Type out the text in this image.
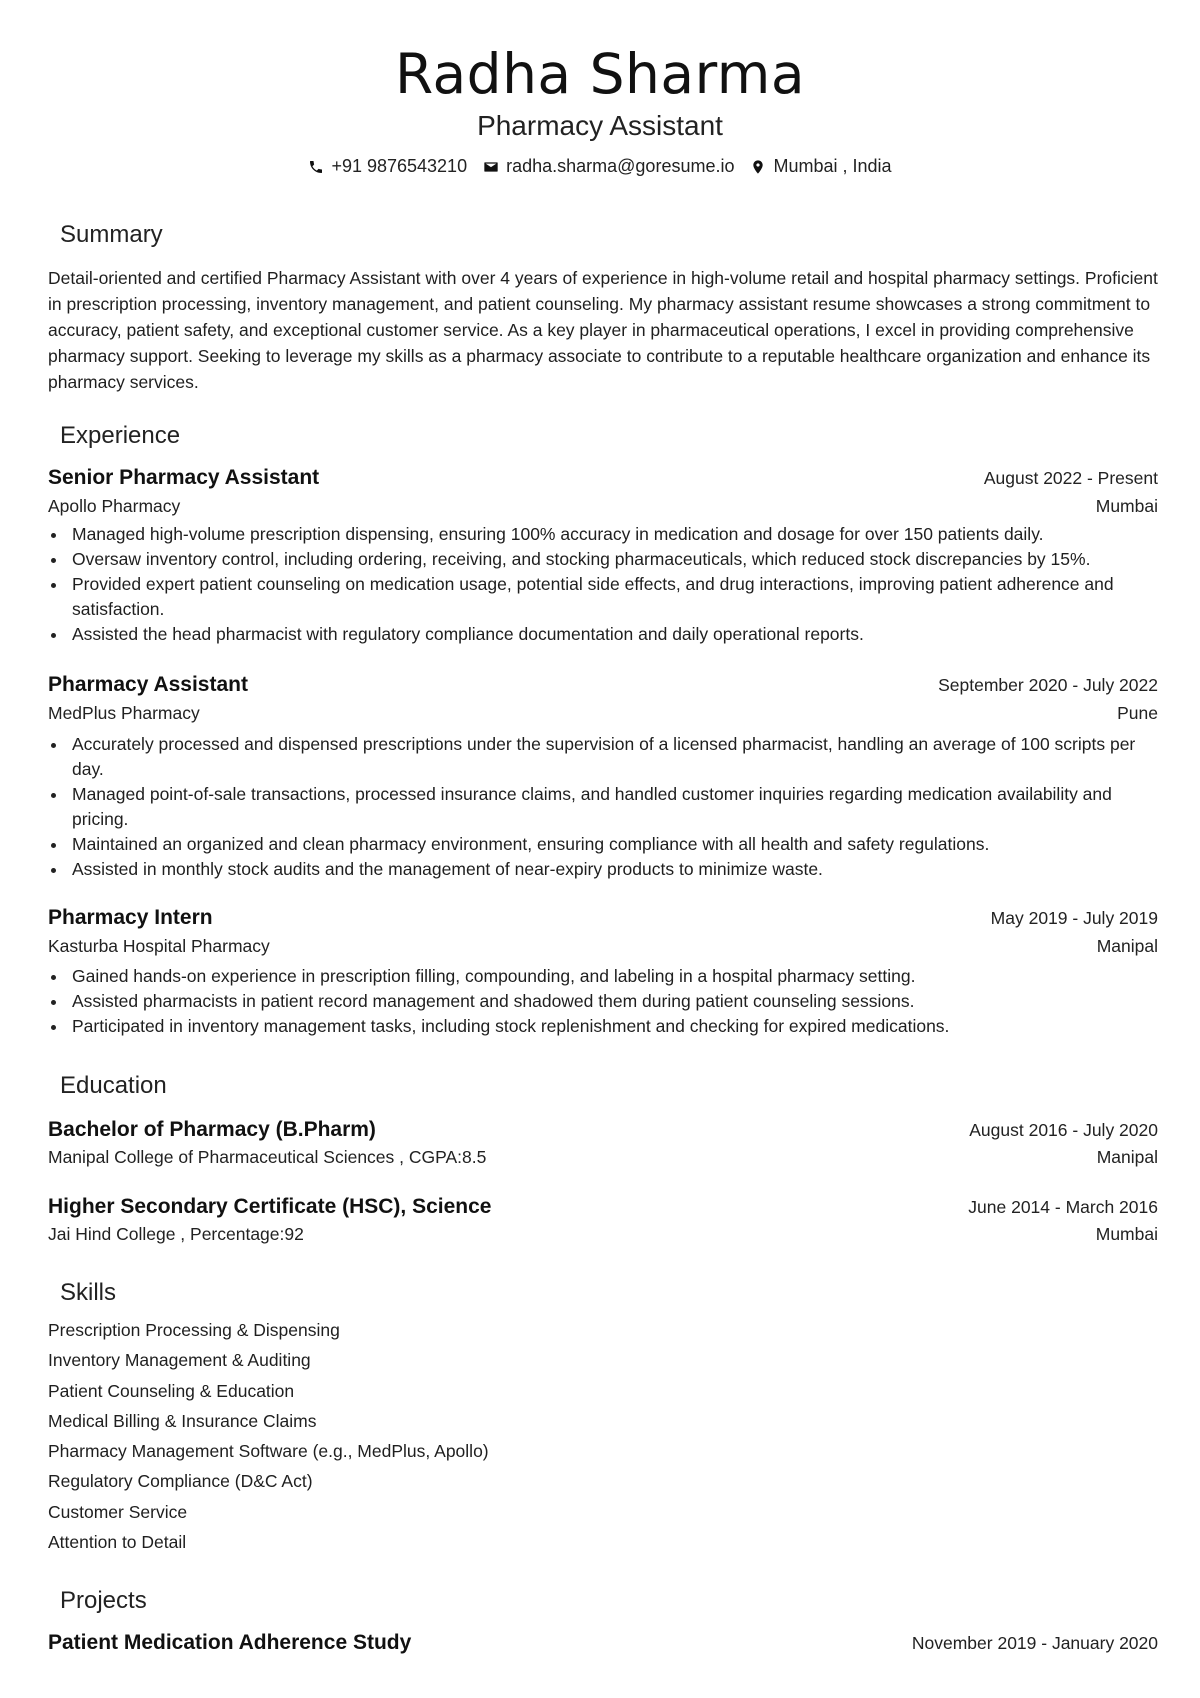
Radha Sharma
Pharmacy Assistant
+91 9876543210 radha.sharma@goresume.io Mumbai , India
Summary
Detail-oriented and certified Pharmacy Assistant with over 4 years of experience in high-volume retail and hospital pharmacy settings. Proficient in prescription processing, inventory management, and patient counseling. My pharmacy assistant resume showcases a strong commitment to accuracy, patient safety, and exceptional customer service. As a key player in pharmaceutical operations, I excel in providing comprehensive pharmacy support. Seeking to leverage my skills as a pharmacy associate to contribute to a reputable healthcare organization and enhance its pharmacy services.
Experience
Senior Pharmacy Assistant	August 2022 - Present
Apollo Pharmacy	Mumbai
Managed high-volume prescription dispensing, ensuring 100% accuracy in medication and dosage for over 150 patients daily.
Oversaw inventory control, including ordering, receiving, and stocking pharmaceuticals, which reduced stock discrepancies by 15%.
Provided expert patient counseling on medication usage, potential side effects, and drug interactions, improving patient adherence and satisfaction.
Assisted the head pharmacist with regulatory compliance documentation and daily operational reports.
Pharmacy Assistant	September 2020 - July 2022
MedPlus Pharmacy	Pune
Accurately processed and dispensed prescriptions under the supervision of a licensed pharmacist, handling an average of 100 scripts per day.
Managed point-of-sale transactions, processed insurance claims, and handled customer inquiries regarding medication availability and pricing.
Maintained an organized and clean pharmacy environment, ensuring compliance with all health and safety regulations.
Assisted in monthly stock audits and the management of near-expiry products to minimize waste.
Pharmacy Intern	May 2019 - July 2019
Kasturba Hospital Pharmacy	Manipal
Gained hands-on experience in prescription filling, compounding, and labeling in a hospital pharmacy setting.
Assisted pharmacists in patient record management and shadowed them during patient counseling sessions.
Participated in inventory management tasks, including stock replenishment and checking for expired medications.
Education
Bachelor of Pharmacy (B.Pharm)	August 2016 - July 2020
Manipal College of Pharmaceutical Sciences , CGPA:8.5	Manipal
Higher Secondary Certificate (HSC), Science	June 2014 - March 2016
Jai Hind College , Percentage:92	Mumbai
Skills
Prescription Processing & Dispensing
Inventory Management & Auditing
Patient Counseling & Education
Medical Billing & Insurance Claims
Pharmacy Management Software (e.g., MedPlus, Apollo)
Regulatory Compliance (D&C Act)
Customer Service
Attention to Detail
Projects
Patient Medication Adherence Study	November 2019 - January 2020
